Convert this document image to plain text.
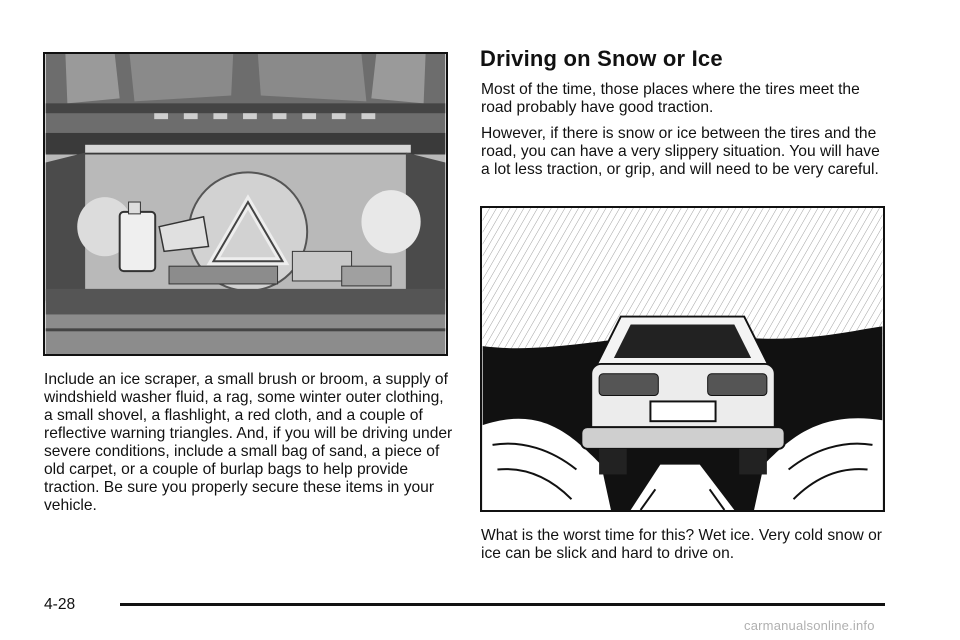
Include an ice scraper, a small brush or broom, a supply of windshield washer fluid, a rag, some winter outer clothing, a small shovel, a flashlight, a red cloth, and a couple of reflective warning triangles. And, if you will be driving under severe conditions, include a small bag of sand, a piece of old carpet, or a couple of burlap bags to help provide traction. Be sure you properly secure these items in your vehicle.

Driving on Snow or Ice

Most of the time, those places where the tires meet the road probably have good traction.

However, if there is snow or ice between the tires and the road, you can have a very slippery situation. You will have a lot less traction, or grip, and will need to be very careful.

What is the worst time for this? Wet ice. Very cold snow or ice can be slick and hard to drive on.

4-28
carmanualsonline.info
